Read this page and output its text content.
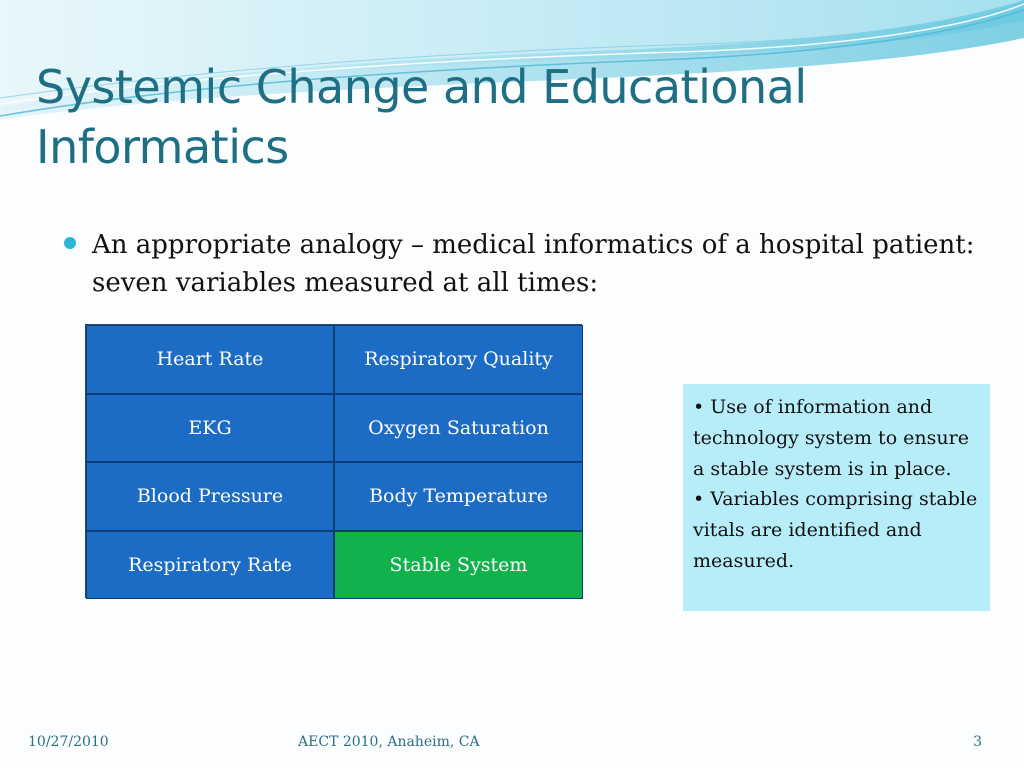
Systemic Change and Educational Informatics
An appropriate analogy – medical informatics of a hospital patient: seven variables measured at all times:
Heart Rate	Respiratory Quality
EKG	Oxygen Saturation
Blood Pressure	Body Temperature
Respiratory Rate	Stable System

• Use of information and technology system to ensure a stable system is in place.

• Variables comprising stable vitals are identified and measured.

10/27/2010	AECT 2010, Anaheim, CA	3
